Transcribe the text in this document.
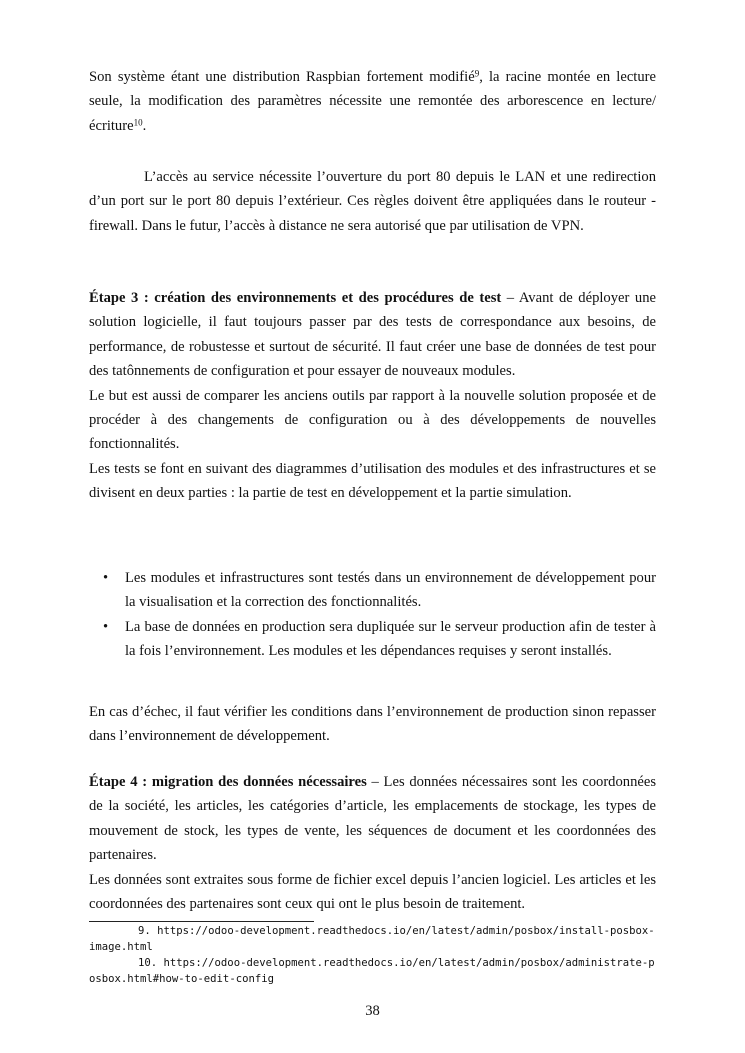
Son système étant une distribution Raspbian fortement modifié$^9$, la racine montée en lecture seule, la modification des paramètres nécessite une remontée des arborescence en lecture/écriture$^{10}$.

L’accès au service nécessite l’ouverture du port 80 depuis le LAN et une redirection d’un port sur le port 80 depuis l’extérieur. Ces règles doivent être appliquées dans le routeur - firewall. Dans le futur, l’accès à distance ne sera autorisé que par utilisation de VPN.

Étape 3 : création des environnements et des procédures de test – Avant de déployer une solution logicielle, il faut toujours passer par des tests de correspondance aux besoins, de performance, de robustesse et surtout de sécurité. Il faut créer une base de données de test pour des tatônnements de configuration et pour essayer de nouveaux modules.

Le but est aussi de comparer les anciens outils par rapport à la nouvelle solution proposée et de procéder à des changements de configuration ou à des développements de nouvelles fonctionnalités.

Les tests se font en suivant des diagrammes d’utilisation des modules et des infrastructures et se divisent en deux parties : la partie de test en développement et la partie simulation.

• Les modules et infrastructures sont testés dans un environnement de développement pour la visualisation et la correction des fonctionnalités.
• La base de données en production sera dupliquée sur le serveur production afin de tester à la fois l’environnement. Les modules et les dépendances requises y seront installés.

En cas d’échec, il faut vérifier les conditions dans l’environnement de production sinon repasser dans l’environnement de développement.

Étape 4 : migration des données nécessaires – Les données nécessaires sont les coordonnées de la société, les articles, les catégories d’article, les emplacements de stockage, les types de mouvement de stock, les types de vente, les séquences de document et les coordonnées des partenaires.

Les données sont extraites sous forme de fichier excel depuis l’ancien logiciel. Les articles et les coordonnées des partenaires sont ceux qui ont le plus besoin de traitement.

9. https://odoo-development.readthedocs.io/en/latest/admin/posbox/install-posbox-image.html

10. https://odoo-development.readthedocs.io/en/latest/admin/posbox/administrate-posbox.html#how-to-edit-config

38
